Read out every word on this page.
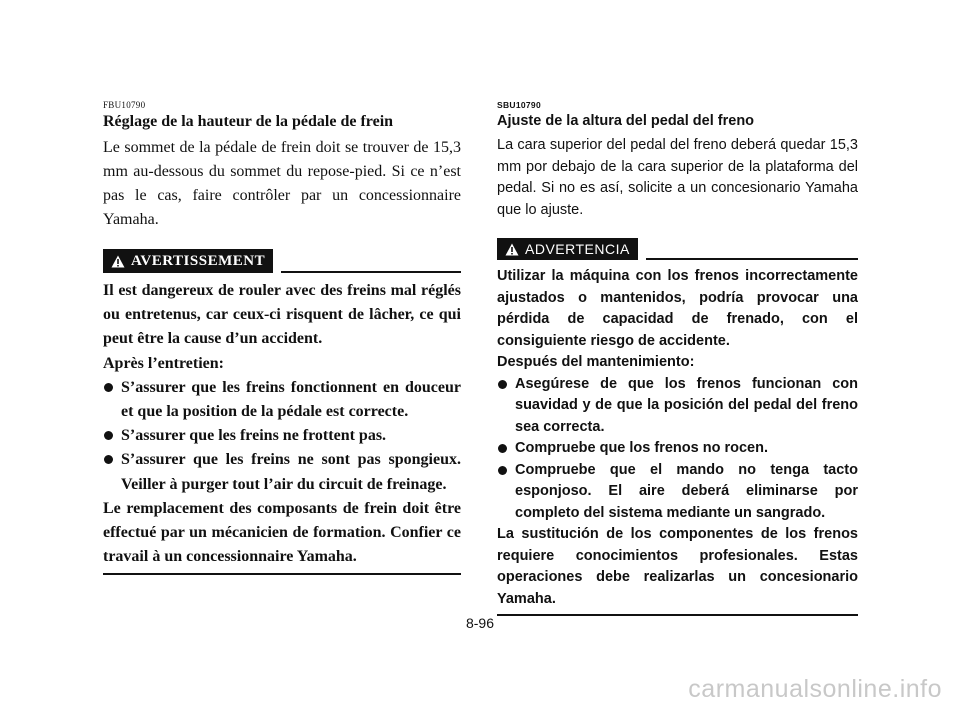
FBU10790
Réglage de la hauteur de la pédale de frein

Le sommet de la pédale de frein doit se trouver de 15,3 mm au-dessous du sommet du repose-pied. Si ce n’est pas le cas, faire contrôler par un concessionnaire Yamaha.

AVERTISSEMENT

Il est dangereux de rouler avec des freins mal réglés ou entretenus, car ceux-ci risquent de lâcher, ce qui peut être la cause d’un accident.

Après l’entretien:

S’assurer que les freins fonctionnent en douceur et que la position de la pédale est correcte.
S’assurer que les freins ne frottent pas.
S’assurer que les freins ne sont pas spongieux. Veiller à purger tout l’air du circuit de freinage.

Le remplacement des composants de frein doit être effectué par un mécanicien de formation. Confier ce travail à un concessionnaire Yamaha.

SBU10790
Ajuste de la altura del pedal del freno

La cara superior del pedal del freno deberá quedar 15,3 mm por debajo de la cara superior de la plataforma del pedal. Si no es así, solicite a un concesionario Yamaha que lo ajuste.

ADVERTENCIA

Utilizar la máquina con los frenos incorrectamente ajustados o mantenidos, podría provocar una pérdida de capacidad de frenado, con el consiguiente riesgo de accidente.

Después del mantenimiento:

Asegúrese de que los frenos funcionan con suavidad y de que la posición del pedal del freno sea correcta.
Compruebe que los frenos no rocen.
Compruebe que el mando no tenga tacto esponjoso. El aire deberá eliminarse por completo del sistema mediante un sangrado.

La sustitución de los componentes de los frenos requiere conocimientos profesionales. Estas operaciones debe realizarlas un concesionario Yamaha.

8-96
carmanualsonline.info
